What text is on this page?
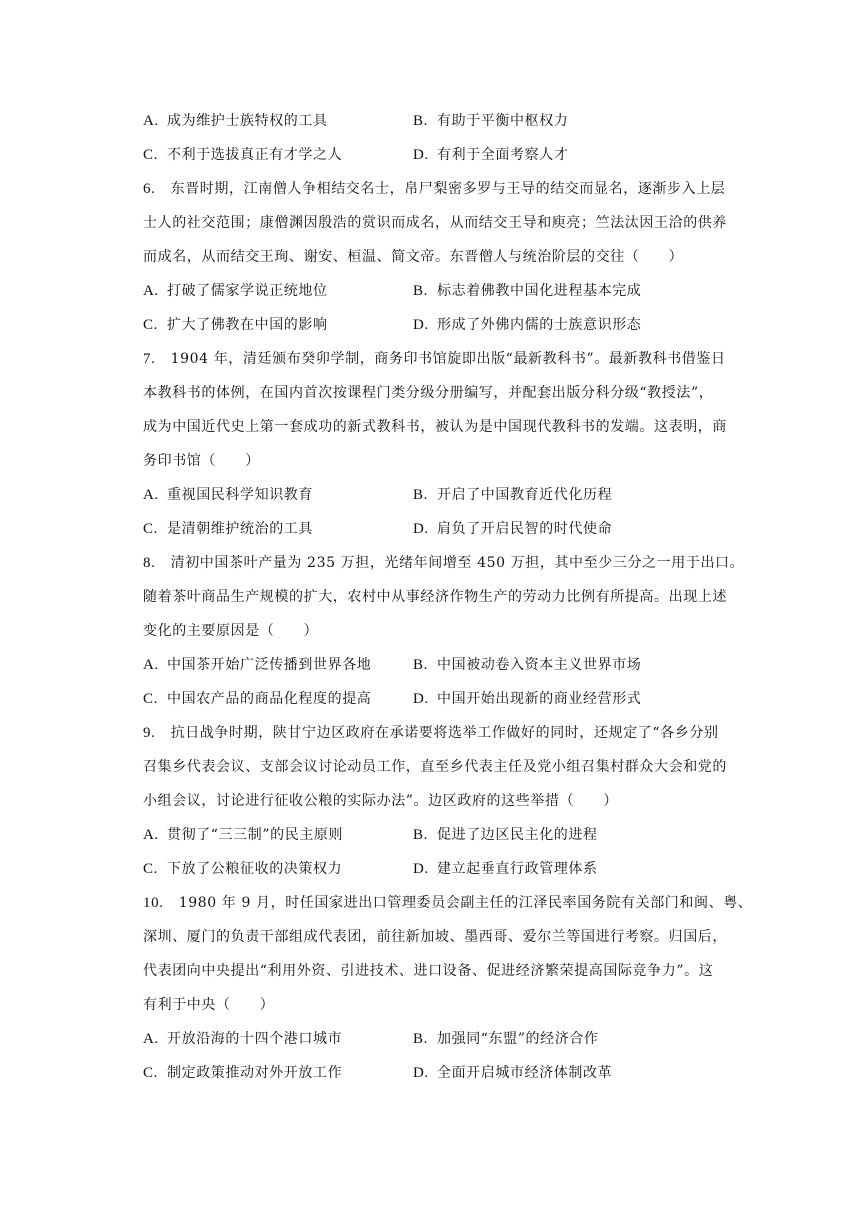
A. 成为维护士族特权的工具	B. 有助于平衡中枢权力
C. 不利于选拔真正有才学之人	D. 有利于全面考察人才
6. 东晋时期，江南僧人争相结交名士，帛尸梨密多罗与王导的结交而显名，逐渐步入上层
士人的社交范围；康僧渊因殷浩的赏识而成名，从而结交王导和庾亮；竺法汰因王洽的供养
而成名，从而结交王珣、谢安、桓温、简文帝。东晋僧人与统治阶层的交往（　　）
A. 打破了儒家学说正统地位	B. 标志着佛教中国化进程基本完成
C. 扩大了佛教在中国的影响	D. 形成了外佛内儒的士族意识形态
7. 1904 年，清廷颁布癸卯学制，商务印书馆旋即出版“最新教科书”。最新教科书借鉴日
本教科书的体例，在国内首次按课程门类分级分册编写，并配套出版分科分级“教授法”，
成为中国近代史上第一套成功的新式教科书，被认为是中国现代教科书的发端。这表明，商
务印书馆（　　）
A. 重视国民科学知识教育	B. 开启了中国教育近代化历程
C. 是清朝维护统治的工具	D. 肩负了开启民智的时代使命
8. 清初中国茶叶产量为 235 万担，光绪年间增至 450 万担，其中至少三分之一用于出口。
随着茶叶商品生产规模的扩大，农村中从事经济作物生产的劳动力比例有所提高。出现上述
变化的主要原因是（　　）
A. 中国茶开始广泛传播到世界各地	B. 中国被动卷入资本主义世界市场
C. 中国农产品的商品化程度的提高	D. 中国开始出现新的商业经营形式
9. 抗日战争时期，陕甘宁边区政府在承诺要将选举工作做好的同时，还规定了“各乡分别
召集乡代表会议、支部会议讨论动员工作，直至乡代表主任及党小组召集村群众大会和党的
小组会议，讨论进行征收公粮的实际办法”。边区政府的这些举措（　　）
A. 贯彻了“三三制”的民主原则	B. 促进了边区民主化的进程
C. 下放了公粮征收的决策权力	D. 建立起垂直行政管理体系
10. 1980 年 9 月，时任国家进出口管理委员会副主任的江泽民率国务院有关部门和闽、粤、
深圳、厦门的负责干部组成代表团，前往新加坡、墨西哥、爱尔兰等国进行考察。归国后，
代表团向中央提出“利用外资、引进技术、进口设备、促进经济繁荣提高国际竞争力”。这
有利于中央（　　）
A. 开放沿海的十四个港口城市	B. 加强同“东盟”的经济合作
C. 制定政策推动对外开放工作	D. 全面开启城市经济体制改革
